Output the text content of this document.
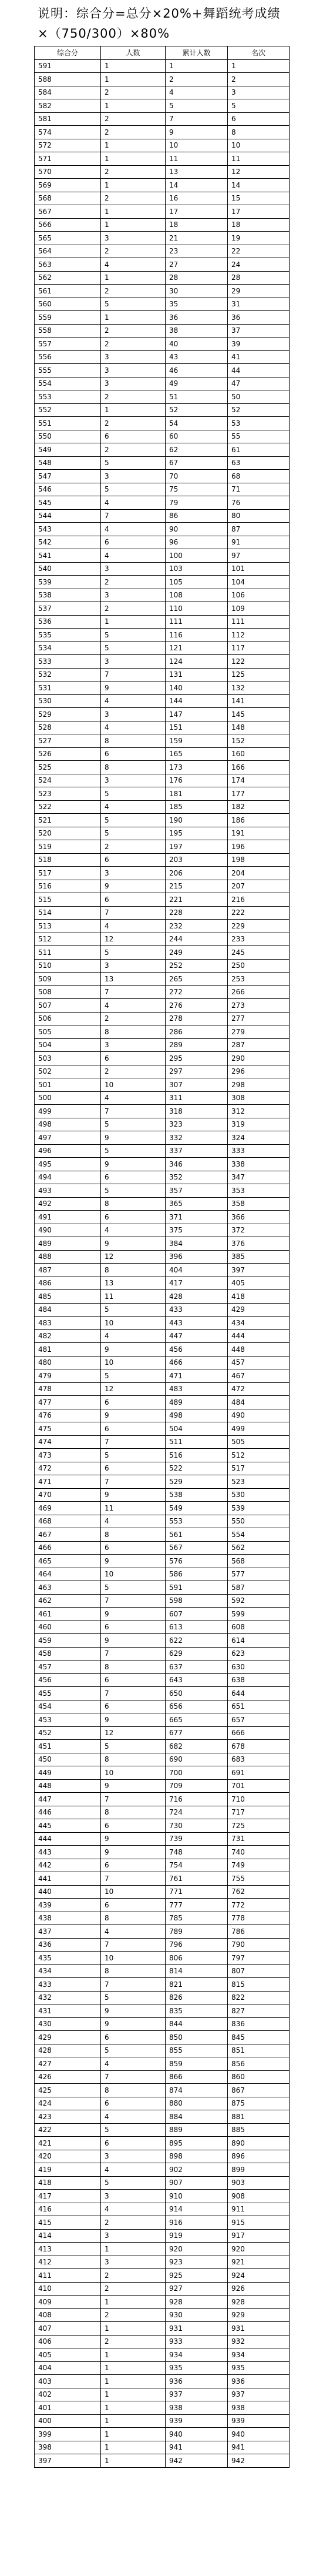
说明：综合分=总分×20%+舞蹈统考成绩×（750/300）×80%
综合分	人数	累计人数	名次
591	1	1	1
588	1	2	2
584	2	4	3
582	1	5	5
581	2	7	6
574	2	9	8
572	1	10	10
571	1	11	11
570	2	13	12
569	1	14	14
568	2	16	15
567	1	17	17
566	1	18	18
565	3	21	19
564	2	23	22
563	4	27	24
562	1	28	28
561	2	30	29
560	5	35	31
559	1	36	36
558	2	38	37
557	2	40	39
556	3	43	41
555	3	46	44
554	3	49	47
553	2	51	50
552	1	52	52
551	2	54	53
550	6	60	55
549	2	62	61
548	5	67	63
547	3	70	68
546	5	75	71
545	4	79	76
544	7	86	80
543	4	90	87
542	6	96	91
541	4	100	97
540	3	103	101
539	2	105	104
538	3	108	106
537	2	110	109
536	1	111	111
535	5	116	112
534	5	121	117
533	3	124	122
532	7	131	125
531	9	140	132
530	4	144	141
529	3	147	145
528	4	151	148
527	8	159	152
526	6	165	160
525	8	173	166
524	3	176	174
523	5	181	177
522	4	185	182
521	5	190	186
520	5	195	191
519	2	197	196
518	6	203	198
517	3	206	204
516	9	215	207
515	6	221	216
514	7	228	222
513	4	232	229
512	12	244	233
511	5	249	245
510	3	252	250
509	13	265	253
508	7	272	266
507	4	276	273
506	2	278	277
505	8	286	279
504	3	289	287
503	6	295	290
502	2	297	296
501	10	307	298
500	4	311	308
499	7	318	312
498	5	323	319
497	9	332	324
496	5	337	333
495	9	346	338
494	6	352	347
493	5	357	353
492	8	365	358
491	6	371	366
490	4	375	372
489	9	384	376
488	12	396	385
487	8	404	397
486	13	417	405
485	11	428	418
484	5	433	429
483	10	443	434
482	4	447	444
481	9	456	448
480	10	466	457
479	5	471	467
478	12	483	472
477	6	489	484
476	9	498	490
475	6	504	499
474	7	511	505
473	5	516	512
472	6	522	517
471	7	529	523
470	9	538	530
469	11	549	539
468	4	553	550
467	8	561	554
466	6	567	562
465	9	576	568
464	10	586	577
463	5	591	587
462	7	598	592
461	9	607	599
460	6	613	608
459	9	622	614
458	7	629	623
457	8	637	630
456	6	643	638
455	7	650	644
454	6	656	651
453	9	665	657
452	12	677	666
451	5	682	678
450	8	690	683
449	10	700	691
448	9	709	701
447	7	716	710
446	8	724	717
445	6	730	725
444	9	739	731
443	9	748	740
442	6	754	749
441	7	761	755
440	10	771	762
439	6	777	772
438	8	785	778
437	4	789	786
436	7	796	790
435	10	806	797
434	8	814	807
433	7	821	815
432	5	826	822
431	9	835	827
430	9	844	836
429	6	850	845
428	5	855	851
427	4	859	856
426	7	866	860
425	8	874	867
424	6	880	875
423	4	884	881
422	5	889	885
421	6	895	890
420	3	898	896
419	4	902	899
418	5	907	903
417	3	910	908
416	4	914	911
415	2	916	915
414	3	919	917
413	1	920	920
412	3	923	921
411	2	925	924
410	2	927	926
409	1	928	928
408	2	930	929
407	1	931	931
406	2	933	932
405	1	934	934
404	1	935	935
403	1	936	936
402	1	937	937
401	1	938	938
400	1	939	939
399	1	940	940
398	1	941	941
397	1	942	942
